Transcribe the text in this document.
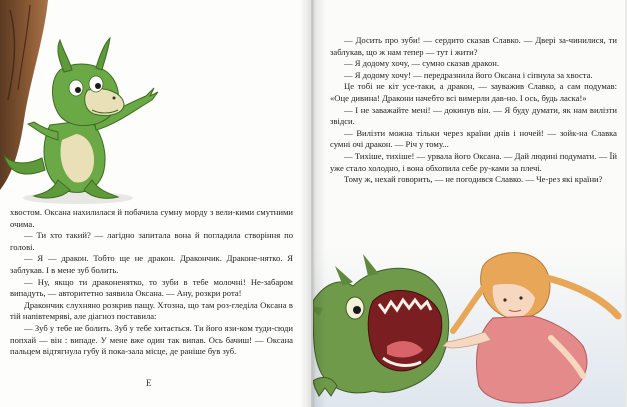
хвостом. Оксана нахилилася й побачила сумну морду з вели-кими смутними очима.

— Ти хто такий? — лагідно запитала вона й погладила створіння по голові.

— Я — дракон. Тобто ще не дракон. Дракончик. Драконе-нятко. Я заблукав. І в мене зуб болить.

— Ну, якщо ти драконенятко, то зуби в тебе молочні! Не-забаром випадуть, — авторитетно заявила Оксана. — Ану, розкри рота!

Дракончик слухняно розкрив пащу. Хтозна, що там роз-гледіла Оксана в тій напівтемряві, але діагноз поставила:

— Зуб у тебе не болить. Зуб у тебе хитається. Ти його язи-ком туди-сюди попхай — він : випаде. У мене вже один так випав. Ось бачиш! — Оксана пальцем відтягнула губу й пока-зала місце, де раніше був зуб.

Е

— Досить про зуби! — сердито сказав Славко. — Двері за-чинилися, ти заблукав, що ж нам тепер — тут і жити?

— Я додому хочу, — сумно сказав дракон.

— Я додому хочу! — передразнила його Оксана і сіпнула за хвоста.

Це тобі не кіт усе-таки, а дракон, — зауважив Славко, а сам подумав: «Оце дивина! Дракони начебто всі вимерли дав-но. І ось, будь ласка!»

— І не заважайте мені! — докинув він. — Я буду думати, як нам вилізти звідси.

— Вилізти можна тільки через країни днів і ночей! — зойк-на Славка сумні очі дракон. — Річ у тому...

— Тихіше, тихіше! — урвала його Оксана. — Дай людині подумати. — Їй уже стало холодно, і вона обхопила себе ру-ками за плечі.

Тому ж, нехай говорить, — не погодився Славко. — Че-рез які країни?
